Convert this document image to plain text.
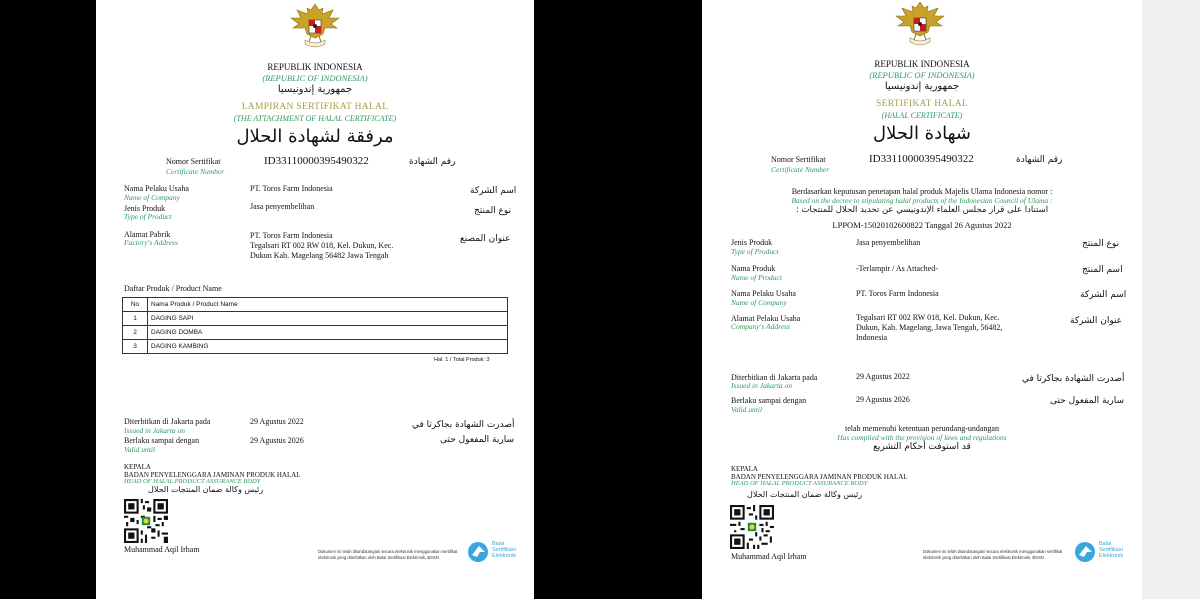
REPUBLIK INDONESIA
(REPUBLIC OF INDONESIA)
جمهورية إندونيسيا
LAMPIRAN SERTIFIKAT HALAL
(THE ATTACHMENT OF HALAL CERTIFICATE)
مرفقة لشهادة الحلال
Nomor Sertifikat
Certificate Number
ID33110000395490322	رقم الشهادة
Nama Pelaku Usaha
Name of Company
PT. Toros Farm Indonesia	اسم الشركة
Jenis Produk
Type of Product
Jasa penyembelihan	نوع المنتج
Alamat Pabrik
Factory's Address
PT. Toros Farm Indonesia
Tegalsari RT 002 RW 018, Kel. Dukun, Kec.
Dukun Kab. Magelang 56482 Jawa Tengah
عنوان المصنع
Daftar Produk / Product Name
No	Nama Produk / Product Name
1	DAGING SAPI
2	DAGING DOMBA
3	DAGING KAMBING
Hal: 1 / Total Produk: 3
Diterbitkan di Jakarta pada
Issued in Jakarta on
29 Agustus 2022	أصدرت الشهادة بجاكرتا في
Berlaku sampai dengan
Valid until
29 Agustus 2026	سارية المفعول حتى
KEPALA
BADAN PENYELENGGARA JAMINAN PRODUK HALAL
HEAD OF HALAL PRODUCT ASSURANCE BODY
رئيس وكالة ضمان المنتجات الحلال
Muhammad Aqil Irham	Dokumen ini telah ditandatangani secara elektronik menggunakan sertifikat
elektronik yang diterbitkan oleh Balai Sertifikasi Elektronik, BSSN
Balai
Sertifikasi
Elektronik
REPUBLIK INDONESIA
(REPUBLIC OF INDONESIA)
جمهورية إندونيسيا
SERTIFIKAT HALAL
(HALAL CERTIFICATE)
شهادة الحلال
Nomor Sertifikat
Certificate Number
ID33110000395490322	رقم الشهادة
Berdasarkan keputusan penetapan halal produk Majelis Ulama Indonesia nomor :
Based on the decree to stipulating halal products of the Indonesian Council of Ulama :
استنادا على قرار مجلس العلماء الإندونيسي عن تحديد الحلال للمنتجات :
LPPOM-15020102600822 Tanggal 26 Agustus 2022
Jenis Produk
Type of Product
Jasa penyembelihan	نوع المنتج
Nama Produk
Name of Product
-Terlampir / As Attached-	اسم المنتج
Nama Pelaku Usaha
Name of Company
PT. Toros Farm Indonesia	اسم الشركة
Alamat Pelaku Usaha
Company's Address
Tegalsari RT 002 RW 018, Kel. Dukun, Kec.
Dukun, Kab. Magelang, Jawa Tengah, 56482,
Indonesia
عنوان الشركة
Diterbitkan di Jakarta pada
Issued in Jakarta on
29 Agustus 2022	أصدرت الشهادة بجاكرتا في
Berlaku sampai dengan
Valid until
29 Agustus 2026	سارية المفعول حتى
telah memenuhi ketentuan perundang-undangan
Has complied with the provision of laws and regulations
قد استوفت أحكام التشريع
KEPALA
BADAN PENYELENGGARA JAMINAN PRODUK HALAL
HEAD OF HALAL PRODUCT ASSURANCE BODY
رئيس وكالة ضمان المنتجات الحلال
Muhammad Aqil Irham
Dokumen ini telah ditandatangani secara elektronik menggunakan sertifikat
elektronik yang diterbitkan oleh Balai Sertifikasi Elektronik, BSSN
Balai
Sertifikasi
Elektronik
